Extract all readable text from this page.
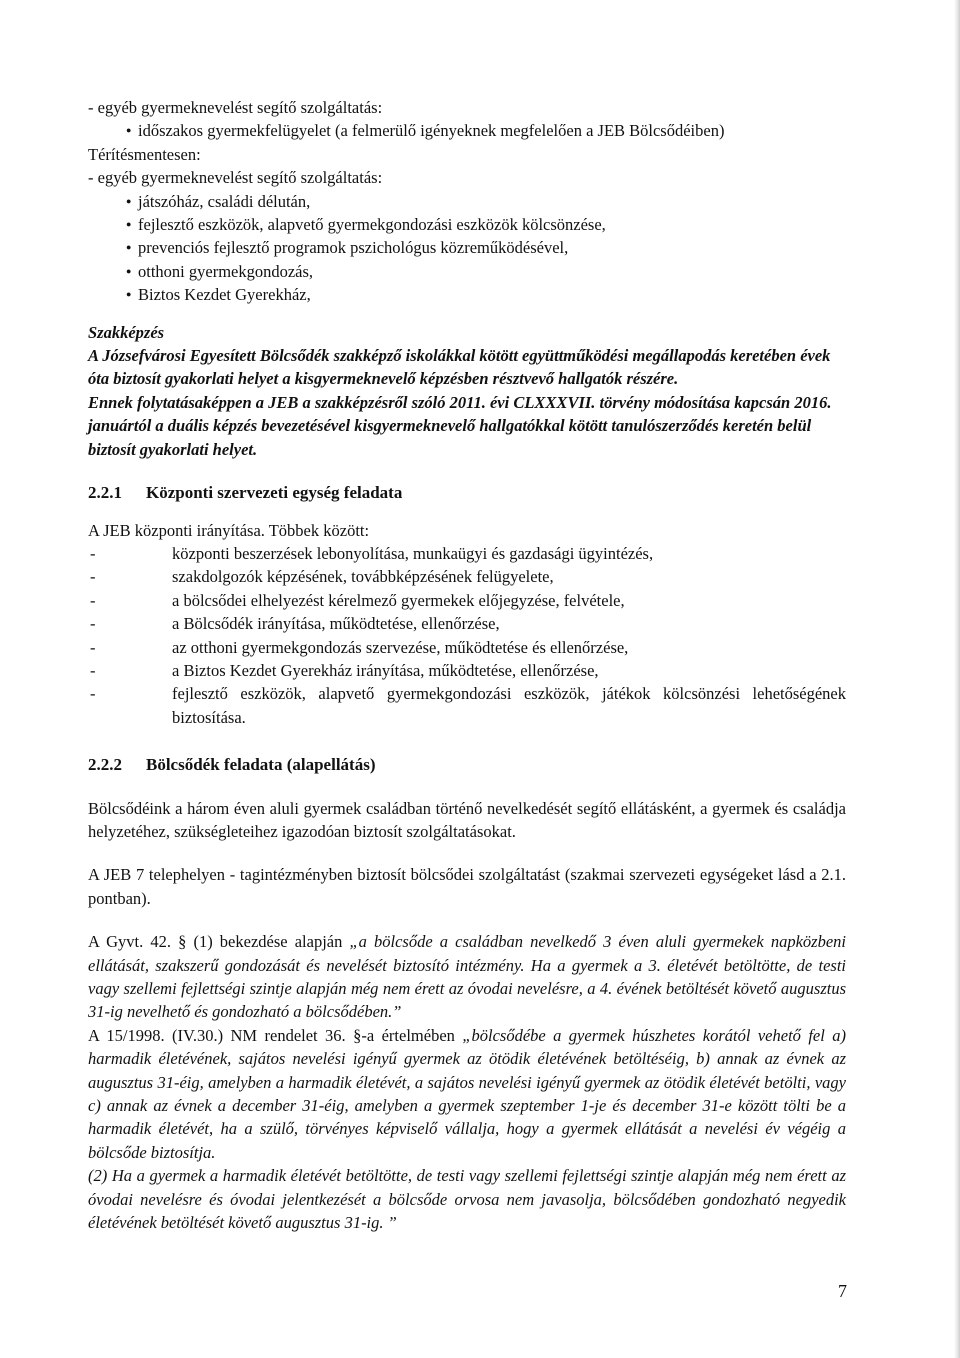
- egyéb gyermeknevelést segítő szolgáltatás:
● időszakos gyermekfelügyelet (a felmerülő igényeknek megfelelően a JEB Bölcsődéiben)
Térítésmentesen:
- egyéb gyermeknevelést segítő szolgáltatás:
● játszóház, családi délután,
● fejlesztő eszközök, alapvető gyermekgondozási eszközök kölcsönzése,
● prevenciós fejlesztő programok pszichológus közreműködésével,
● otthoni gyermekgondozás,
● Biztos Kezdet Gyerekház,
Szakképzés
A Józsefvárosi Egyesített Bölcsődék szakképző iskolákkal kötött együttműködési megállapodás keretében évek óta biztosít gyakorlati helyet a kisgyermeknevelő képzésben résztvevő hallgatók részére.
Ennek folytatásaképpen a JEB a szakképzésről szóló 2011. évi CLXXXVII. törvény módosítása kapcsán 2016. januártól a duális képzés bevezetésével kisgyermeknevelő hallgatókkal kötött tanulószerződés keretén belül biztosít gyakorlati helyet.
2.2.1 Központi szervezeti egység feladata
A JEB központi irányítása. Többek között:
- központi beszerzések lebonyolítása, munkaügyi és gazdasági ügyintézés,
- szakdolgozók képzésének, továbbképzésének felügyelete,
- a bölcsődei elhelyezést kérelmező gyermekek előjegyzése, felvétele,
- a Bölcsődék irányítása, működtetése, ellenőrzése,
- az otthoni gyermekgondozás szervezése, működtetése és ellenőrzése,
- a Biztos Kezdet Gyerekház irányítása, működtetése, ellenőrzése,
- fejlesztő eszközök, alapvető gyermekgondozási eszközök, játékok kölcsönzési lehetőségének biztosítása.
2.2.2 Bölcsődék feladata (alapellátás)
Bölcsődéink a három éven aluli gyermek családban történő nevelkedését segítő ellátásként, a gyermek és családja helyzetéhez, szükségleteihez igazodóan biztosít szolgáltatásokat.
A JEB 7 telephelyen - tagintézményben biztosít bölcsődei szolgáltatást (szakmai szervezeti egységeket lásd a 2.1. pontban).
A Gyvt. 42. § (1) bekezdése alapján „a bölcsőde a családban nevelkedő 3 éven aluli gyermekek napközbeni ellátását, szakszerű gondozását és nevelését biztosító intézmény. Ha a gyermek a 3. életévét betöltötte, de testi vagy szellemi fejlettségi szintje alapján még nem érett az óvodai nevelésre, a 4. évének betöltését követő augusztus 31-ig nevelhető és gondozható a bölcsődében.”
A 15/1998. (IV.30.) NM rendelet 36. §-a értelmében „bölcsődébe a gyermek húszhetes korától vehető fel a) harmadik életévének, sajátos nevelési igényű gyermek az ötödik életévének betöltéséig, b) annak az évnek az augusztus 31-éig, amelyben a harmadik életévét, a sajátos nevelési igényű gyermek az ötödik életévét betölti, vagy c) annak az évnek a december 31-éig, amelyben a gyermek szeptember 1-je és december 31-e között tölti be a harmadik életévét, ha a szülő, törvényes képviselő vállalja, hogy a gyermek ellátását a nevelési év végéig a bölcsőde biztosítja.
(2) Ha a gyermek a harmadik életévét betöltötte, de testi vagy szellemi fejlettségi szintje alapján még nem érett az óvodai nevelésre és óvodai jelentkezését a bölcsőde orvosa nem javasolja, bölcsődében gondozható negyedik életévének betöltését követő augusztus 31-ig. ”
7
